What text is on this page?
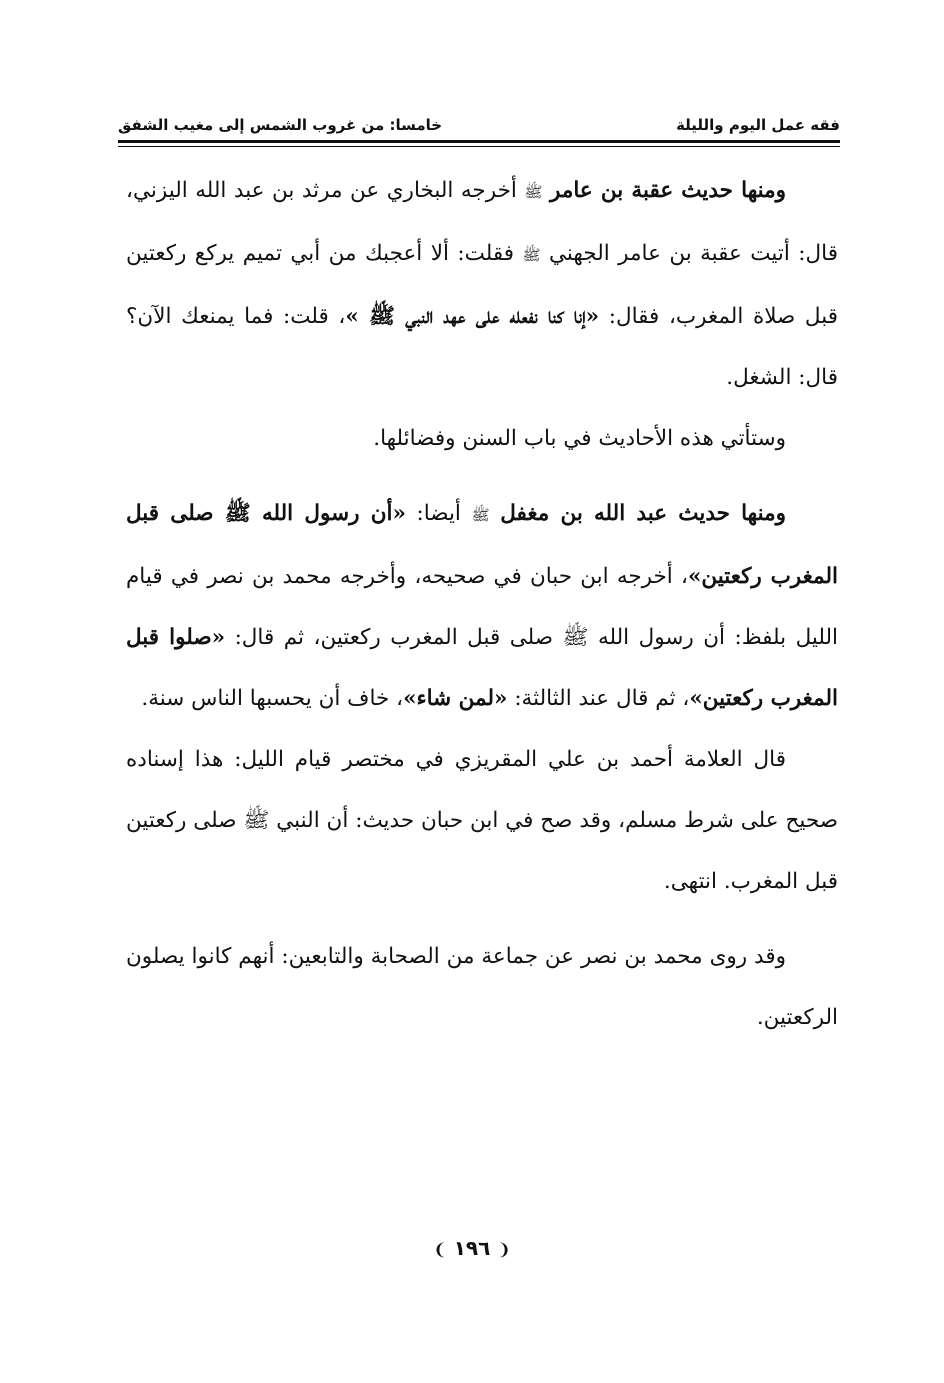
فقه عمل اليوم والليلة
خامسا: من غروب الشمس إلى مغيب الشفق

ومنها حديث عقبة بن عامر ﷺ أخرجه البخاري عن مرثد بن عبد الله اليزني، قال: أتيت عقبة بن عامر الجهني ﷺ فقلت: ألا أعجبك من أبي تميم يركع ركعتين قبل صلاة المغرب، فقال: «إنا كنا نفعله على عهد النبي ﷺ »، قلت: فما يمنعك الآن؟ قال: الشغل.

وستأتي هذه الأحاديث في باب السنن وفضائلها.

ومنها حديث عبد الله بن مغفل ﷺ أيضا: «أن رسول الله ﷺ صلى قبل المغرب ركعتين»، أخرجه ابن حبان في صحيحه، وأخرجه محمد بن نصر في قيام الليل بلفظ: أن رسول الله ﷺ صلى قبل المغرب ركعتين، ثم قال: «صلوا قبل المغرب ركعتين»، ثم قال عند الثالثة: «لمن شاء»، خاف أن يحسبها الناس سنة.

قال العلامة أحمد بن علي المقريزي في مختصر قيام الليل: هذا إسناده صحيح على شرط مسلم، وقد صح في ابن حبان حديث: أن النبي ﷺ صلى ركعتين قبل المغرب. انتهى.

وقد روى محمد بن نصر عن جماعة من الصحابة والتابعين: أنهم كانوا يصلون الركعتين.

❨ ١٩٦ ❩
